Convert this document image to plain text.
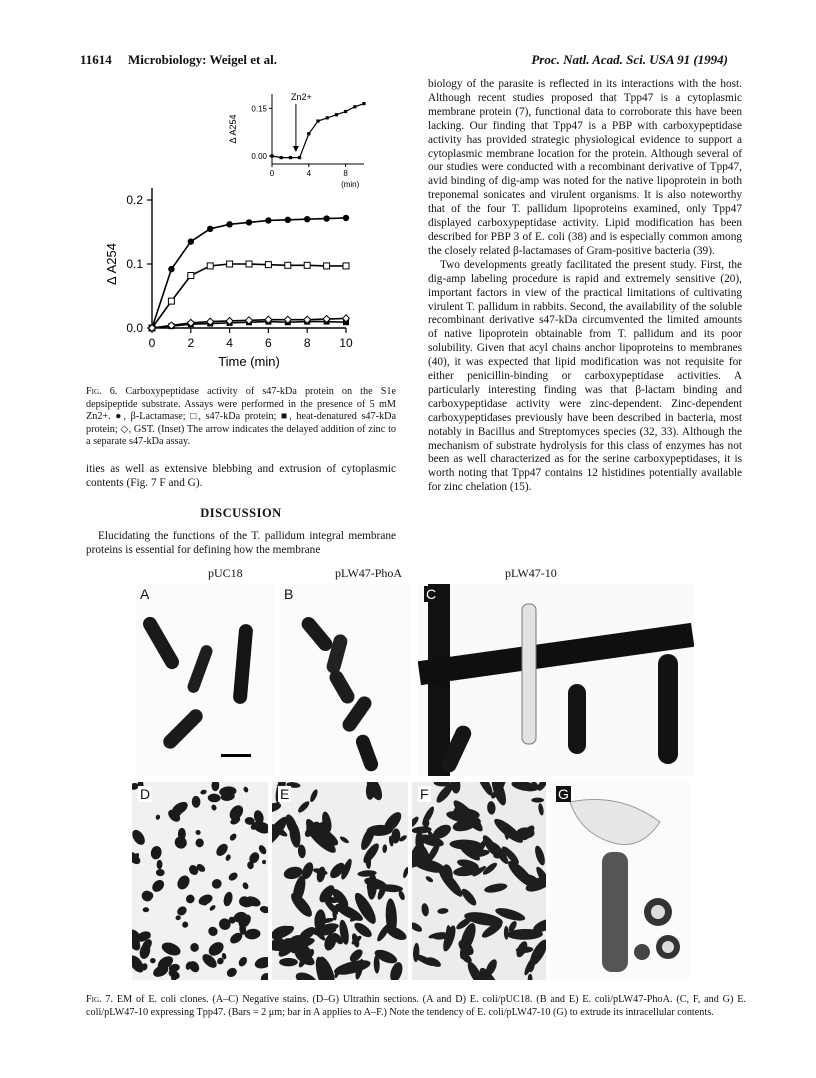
11614 Microbiology: Weigel et al.	Proc. Natl. Acad. Sci. USA 91 (1994)
0	2	4	6	8 10
0.0
0.1
0.2
Time (min)
Δ A254
0	4	8
0.00
0.15
(min)
Δ A254
Zn2+
Fig. 6. Carboxypeptidase activity of s47-kDa protein on the S1e depsipeptide substrate. Assays were performed in the presence of 5 mM Zn2+. ●, β-Lactamase; □, s47-kDa protein; ■, heat-denatured s47-kDa protein; ◇, GST. (Inset) The arrow indicates the delayed addition of zinc to a separate s47-kDa assay.
ities as well as extensive blebbing and extrusion of cytoplasmic contents (Fig. 7 F and G).
DISCUSSION

Elucidating the functions of the T. pallidum integral membrane proteins is essential for defining how the membrane

biology of the parasite is reflected in its interactions with the host. Although recent studies proposed that Tpp47 is a cytoplasmic membrane protein (7), functional data to corroborate this have been lacking. Our finding that Tpp47 is a PBP with carboxypeptidase activity has provided strategic physiological evidence to support a cytoplasmic membrane location for the protein. Although several of our studies were conducted with a recombinant derivative of Tpp47, avid binding of dig-amp was noted for the native lipoprotein in both treponemal sonicates and virulent organisms. It is also noteworthy that of the four T. pallidum lipoproteins examined, only Tpp47 displayed carboxypeptidase activity. Lipid modification has been described for PBP 3 of E. coli (38) and is especially common among the closely related β-lactamases of Gram-positive bacteria (39).

Two developments greatly facilitated the present study. First, the dig-amp labeling procedure is rapid and extremely sensitive (20), important factors in view of the practical limitations of cultivating virulent T. pallidum in rabbits. Second, the availability of the soluble recombinant derivative s47-kDa circumvented the limited amounts of native lipoprotein obtainable from T. pallidum and its poor solubility. Given that acyl chains anchor lipoproteins to membranes (40), it was expected that lipid modification was not requisite for either penicillin-binding or carboxypeptidase activities. A particularly interesting finding was that β-lactam binding and carboxypeptidase activity were zinc-dependent. Zinc-dependent carboxypeptidases previously have been described in bacteria, most notably in Bacillus and Streptomyces species (32, 33). Although the mechanism of substrate hydrolysis for this class of enzymes has not been as well characterized as for the serine carboxypeptidases, it is worth noting that Tpp47 contains 12 histidines potentially available for zinc chelation (15).

pUC18	pLW47-PhoA	pLW47-10
A	B	C
D	E	F	G
Fig. 7. EM of E. coli clones. (A–C) Negative stains. (D–G) Ultrathin sections. (A and D) E. coli/pUC18. (B and E) E. coli/pLW47-PhoA. (C, F, and G) E. coli/pLW47-10 expressing Tpp47. (Bars = 2 μm; bar in A applies to A–F.) Note the tendency of E. coli/pLW47-10 (G) to extrude its intracellular contents.
